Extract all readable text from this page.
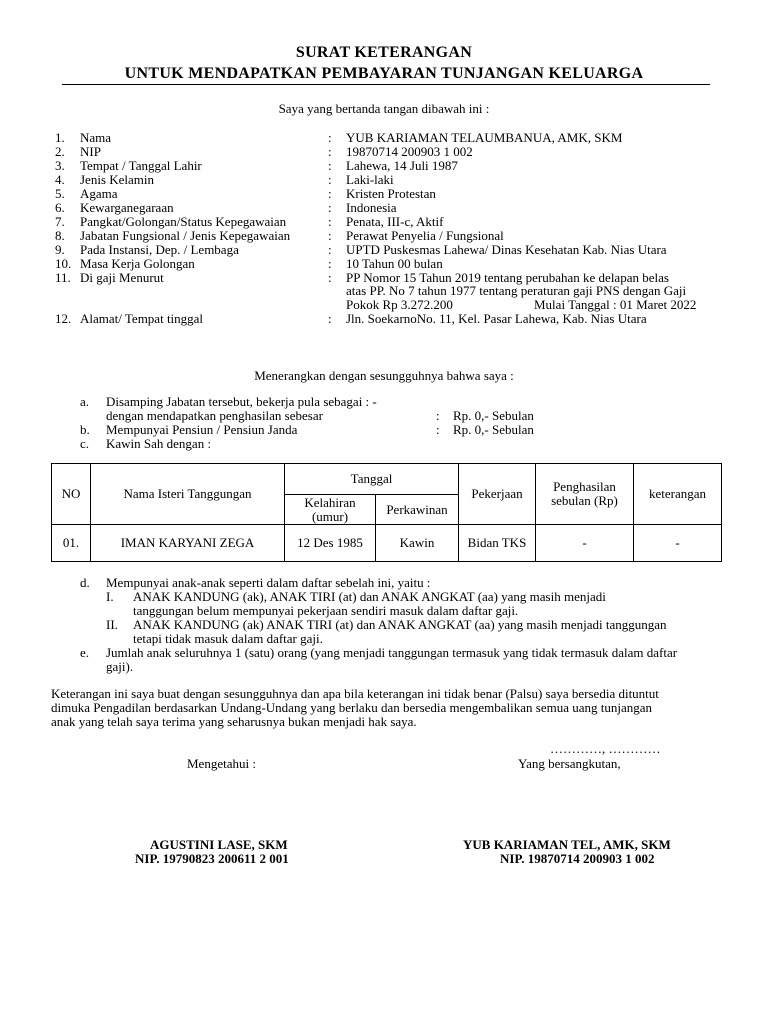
SURAT KETERANGAN
UNTUK MENDAPATKAN PEMBAYARAN TUNJANGAN KELUARGA
Saya yang bertanda tangan dibawah ini :
1. Nama	: YUB KARIAMAN TELAUMBANUA, AMK, SKM
2. NIP	: 19870714 200903 1 002
3. Tempat / Tanggal Lahir	: Lahewa, 14 Juli 1987
4. Jenis Kelamin	: Laki-laki
5. Agama	: Kristen Protestan
6. Kewarganegaraan	: Indonesia
7. Pangkat/Golongan/Status Kepegawaian	: Penata, III-c, Aktif
8. Jabatan Fungsional / Jenis Kepegawaian	: Perawat Penyelia / Fungsional
9. Pada Instansi, Dep. / Lembaga	: UPTD Puskesmas Lahewa/ Dinas Kesehatan Kab. Nias Utara
10. Masa Kerja Golongan	: 10 Tahun 00 bulan
11. Di gaji Menurut	: PP Nomor 15 Tahun 2019 tentang perubahan ke delapan belas
atas PP. No 7 tahun 1977 tentang peraturan gaji PNS dengan Gaji
Pokok Rp 3.272.200	Mulai Tanggal : 01 Maret 2022
12. Alamat/ Tempat tinggal	: Jln. SoekarnoNo. 11, Kel. Pasar Lahewa, Kab. Nias Utara
Menerangkan dengan sesungguhnya bahwa saya :
a. Disamping Jabatan tersebut, bekerja pula sebagai : -
dengan mendapatkan penghasilan sebesar	: Rp. 0,- Sebulan
b. Mempunyai Pensiun / Pensiun Janda	: Rp. 0,- Sebulan
c. Kawin Sah dengan :
NO	Nama Isteri Tanggungan	Tanggal		Pekerjaan	Penghasilan sebulan (Rp)	keterangan
		Kelahiran (umur)	Perkawinan			
01.	IMAN KARYANI ZEGA	12 Des 1985	Kawin	Bidan TKS	-	-
d. Mempunyai anak-anak seperti dalam daftar sebelah ini, yaitu :
I. ANAK KANDUNG (ak), ANAK TIRI (at) dan ANAK ANGKAT (aa) yang masih menjadi
tanggungan belum mempunyai pekerjaan sendiri masuk dalam daftar gaji.
II. ANAK KANDUNG (ak) ANAK TIRI (at) dan ANAK ANGKAT (aa) yang masih menjadi tanggungan
tetapi tidak masuk dalam daftar gaji.
e. Jumlah anak seluruhnya 1 (satu) orang (yang menjadi tanggungan termasuk yang tidak termasuk dalam daftar
gaji).
Keterangan ini saya buat dengan sesungguhnya dan apa bila keterangan ini tidak benar (Palsu) saya bersedia dituntut
dimuka Pengadilan berdasarkan Undang-Undang yang berlaku dan bersedia mengembalikan semua uang tunjangan
anak yang telah saya terima yang seharusnya bukan menjadi hak saya.
…………, …………
Mengetahui :	Yang bersangkutan,
AGUSTINI LASE, SKM
NIP. 19790823 200611 2 001
YUB KARIAMAN TEL, AMK, SKM
NIP. 19870714 200903 1 002
